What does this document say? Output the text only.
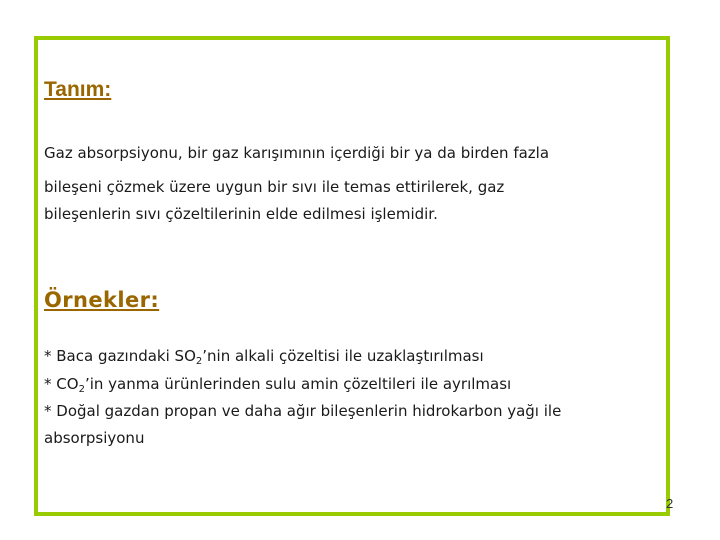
Tanım:

Gaz absorpsiyonu, bir gaz karışımının içerdiği bir ya da birden fazla

bileşeni çözmek üzere uygun bir sıvı ile temas ettirilerek, gaz

bileşenlerin sıvı çözeltilerinin elde edilmesi işlemidir.

Örnekler:

* Baca gazındaki $SO_2’nin$ alkali çözeltisi ile uzaklaştırılması

* $CO_2’in$ yanma ürünlerinden sulu amin çözeltileri ile ayrılması

* Doğal gazdan propan ve daha ağır bileşenlerin hidrokarbon yağı ile

absorpsiyonu

2
